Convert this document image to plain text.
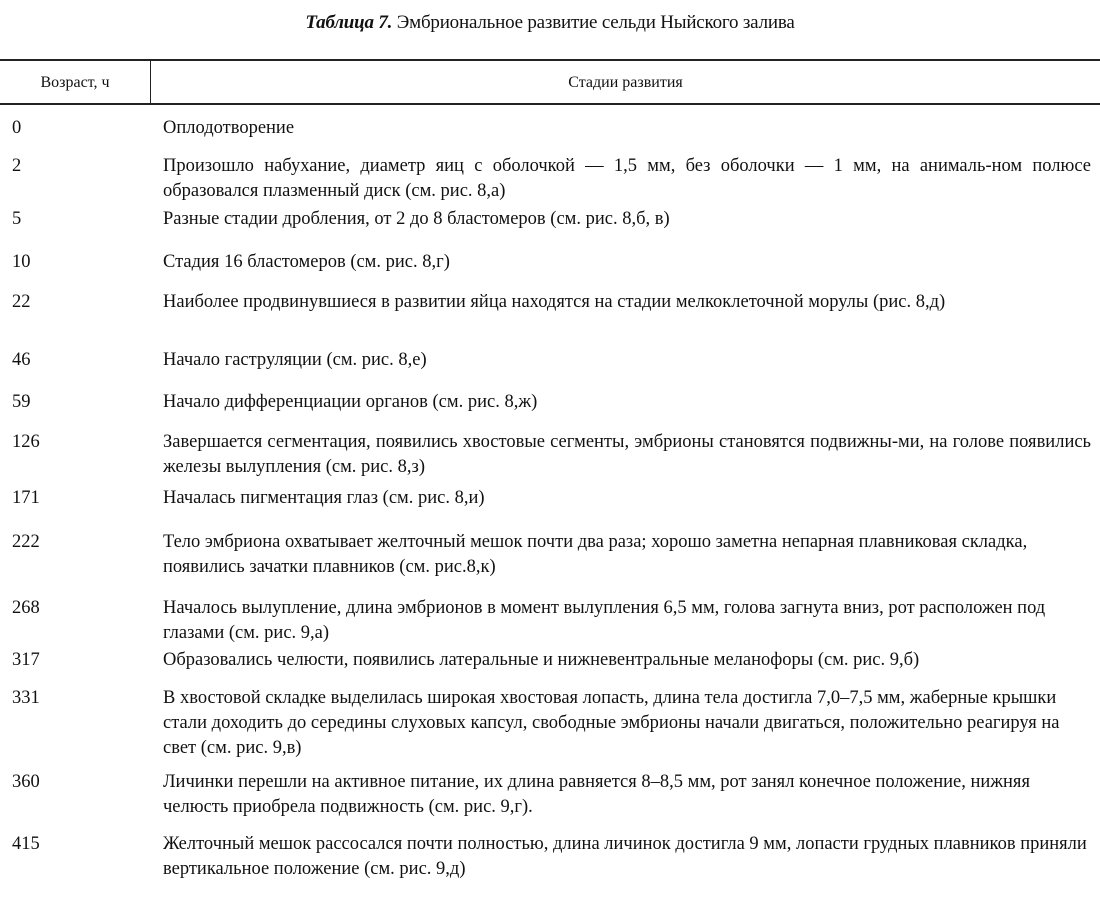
Таблица 7. Эмбриональное развитие сельди Ныйского залива
Возраст, ч	Стадии развития
0	Оплодотворение
2	Произошло набухание, диаметр яиц с оболочкой — 1,5 мм, без оболочки — 1 мм, на анималь-ном полюсе образовался плазменный диск (см. рис. 8,а)
5	Разные стадии дробления, от 2 до 8 бластомеров (см. рис. 8,б, в)
10	Стадия 16 бластомеров (см. рис. 8,г)
22	Наиболее продвинувшиеся в развитии яйца находятся на стадии мелкоклеточной морулы (рис. 8,д)
46	Начало гаструляции (см. рис. 8,е)
59	Начало дифференциации органов (см. рис. 8,ж)
126	Завершается сегментация, появились хвостовые сегменты, эмбрионы становятся подвижны-ми, на голове появились железы вылупления (см. рис. 8,з)
171	Началась пигментация глаз (см. рис. 8,и)
222	Тело эмбриона охватывает желточный мешок почти два раза; хорошо заметна непарная плавниковая складка, появились зачатки плавников (см. рис.8,к)
268	Началось вылупление, длина эмбрионов в момент вылупления 6,5 мм, голова загнута вниз, рот расположен под глазами (см. рис. 9,а)
317	Образовались челюсти, появились латеральные и нижневентральные меланофоры (см. рис. 9,б)
331	В хвостовой складке выделилась широкая хвостовая лопасть, длина тела достигла 7,0–7,5 мм, жаберные крышки стали доходить до середины слуховых капсул, свободные эмбрионы начали двигаться, положительно реагируя на свет (см. рис. 9,в)
360	Личинки перешли на активное питание, их длина равняется 8–8,5 мм, рот занял конечное положение, нижняя челюсть приобрела подвижность (см. рис. 9,г).
415	Желточный мешок рассосался почти полностью, длина личинок достигла 9 мм, лопасти грудных плавников приняли вертикальное положение (см. рис. 9,д)
